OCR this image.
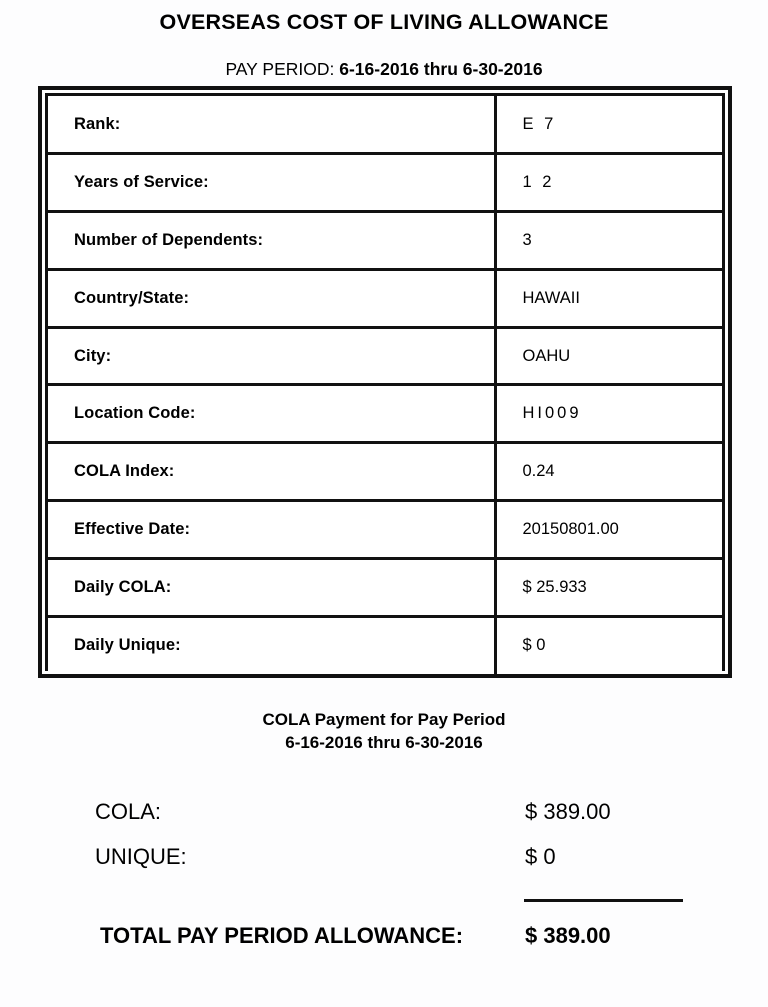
OVERSEAS COST OF LIVING ALLOWANCE
PAY PERIOD: 6-16-2016 thru 6-30-2016
Rank:	E 7
Years of Service:	1 2
Number of Dependents:	3
Country/State:	HAWAII
City:	OAHU
Location Code:	HI009
COLA Index:	0.24
Effective Date:	20150801.00
Daily COLA:	$ 25.933
Daily Unique:	$ 0
COLA Payment for Pay Period
6-16-2016 thru 6-30-2016
COLA:	$ 389.00
UNIQUE:	$ 0
TOTAL PAY PERIOD ALLOWANCE:	$ 389.00
